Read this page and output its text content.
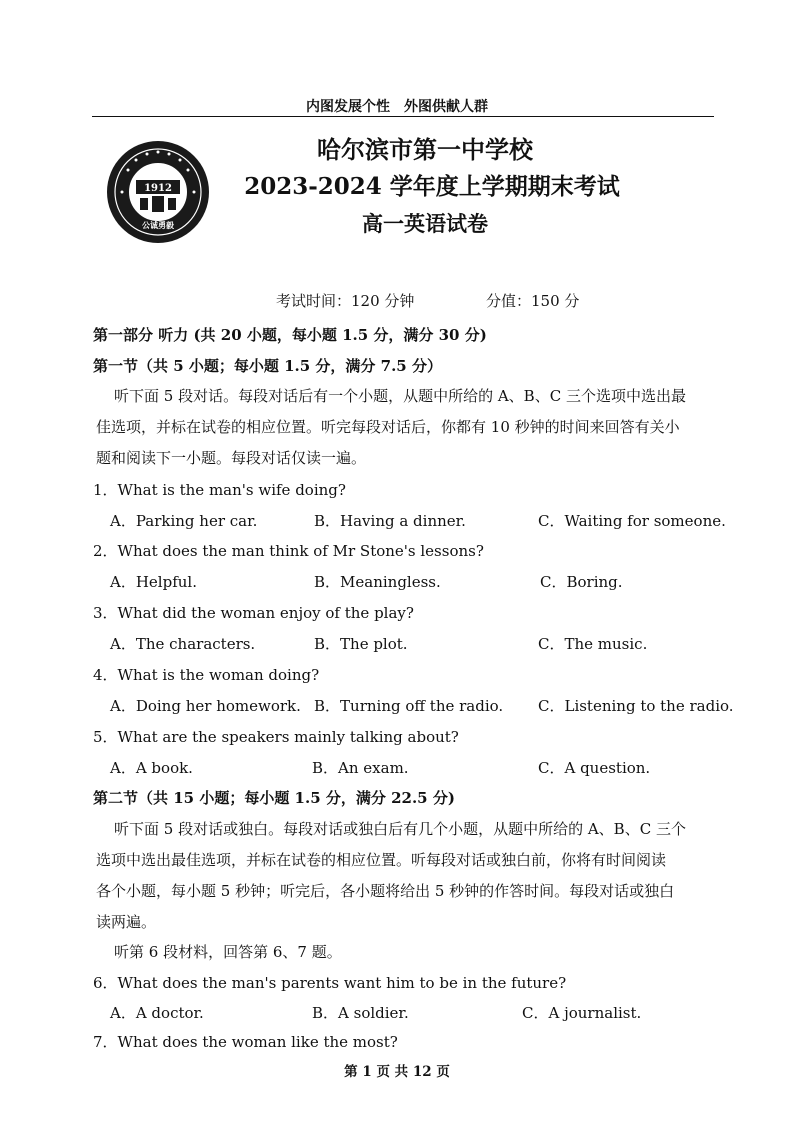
内图发展个性　外图供献人群
1912
公诚勇毅
哈尔滨市第一中学校
2023-2024 学年度上学期期末考试
高一英语试卷
考试时间：120 分钟	分值：150 分
第一部分 听力 (共 20 小题，每小题 1.5 分，满分 30 分)
第一节（共 5 小题；每小题 1.5 分，满分 7.5 分）
听下面 5 段对话。每段对话后有一个小题，从题中所给的 A、B、C 三个选项中选出最
佳选项，并标在试卷的相应位置。听完每段对话后，你都有 10 秒钟的时间来回答有关小
题和阅读下一小题。每段对话仅读一遍。
1．What is the man's wife doing?
A．Parking her car.	B．Having a dinner.	C．Waiting for someone.
2．What does the man think of Mr Stone's lessons?
A．Helpful.	B．Meaningless.	C．Boring.
3．What did the woman enjoy of the play?
A．The characters.	B．The plot.	C．The music.
4．What is the woman doing?
A．Doing her homework. B．Turning off the radio. C．Listening to the radio.
5．What are the speakers mainly talking about?
A．A book.	B．An exam.	C．A question.
第二节（共 15 小题；每小题 1.5 分，满分 22.5 分)
听下面 5 段对话或独白。每段对话或独白后有几个小题，从题中所给的 A、B、C 三个
选项中选出最佳选项，并标在试卷的相应位置。听每段对话或独白前，你将有时间阅读
各个小题，每小题 5 秒钟；听完后，各小题将给出 5 秒钟的作答时间。每段对话或独白
读两遍。
听第 6 段材料，回答第 6、7 题。
6．What does the man's parents want him to be in the future?
A．A doctor.	B．A soldier.	C．A journalist.
7．What does the woman like the most?
第 1 页 共 12 页
